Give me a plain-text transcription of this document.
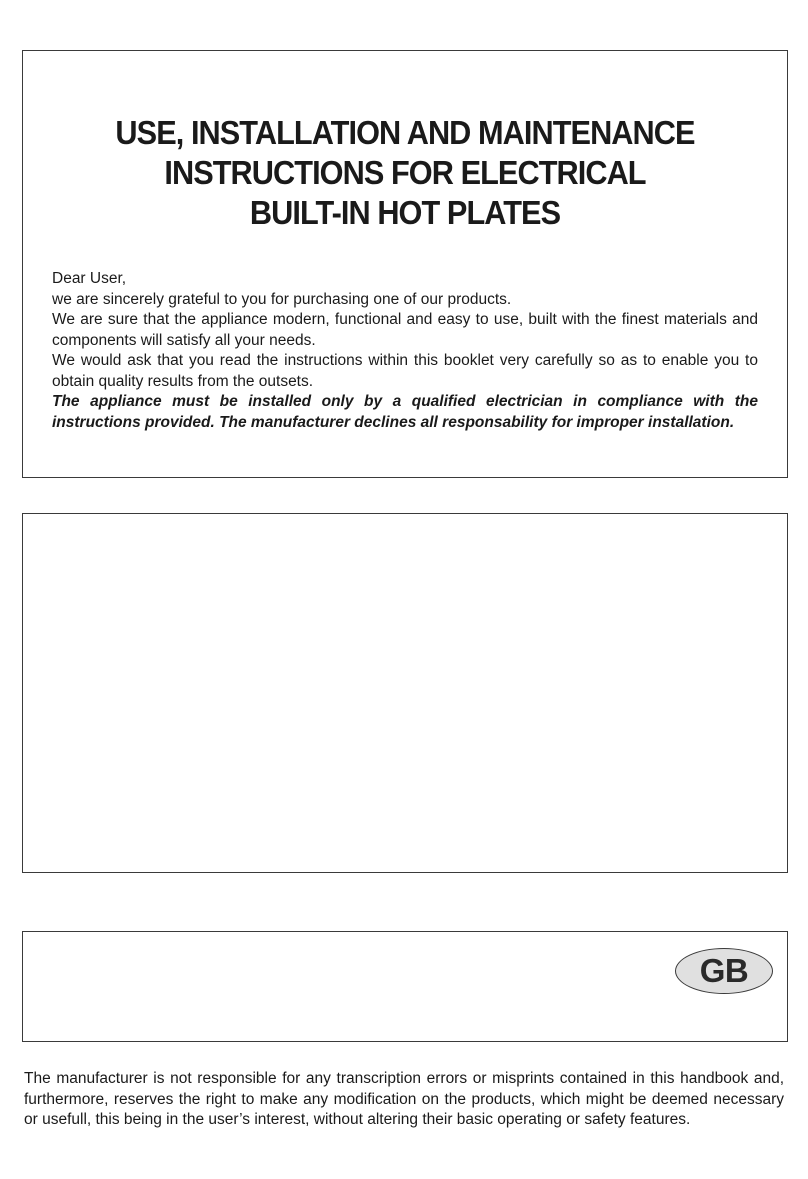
USE, INSTALLATION AND MAINTENANCE
INSTRUCTIONS FOR ELECTRICAL
BUILT-IN HOT PLATES

Dear User,

we are sincerely grateful to you for purchasing one of our products.

We are sure that the appliance modern, functional and easy to use, built with the finest materials and components will satisfy all your needs.

We would ask that you read the instructions within this booklet very carefully so as to enable you to obtain quality results from the outsets.

The appliance must be installed only by a qualified electrician in compliance with the instructions provided. The manufacturer declines all responsability for improper installation.

GB

The manufacturer is not responsible for any transcription errors or misprints contained in this handbook and, furthermore, reserves the right to make any modification on the products, which might be deemed necessary or usefull, this being in the user’s interest, without altering their basic operating or safety features.
